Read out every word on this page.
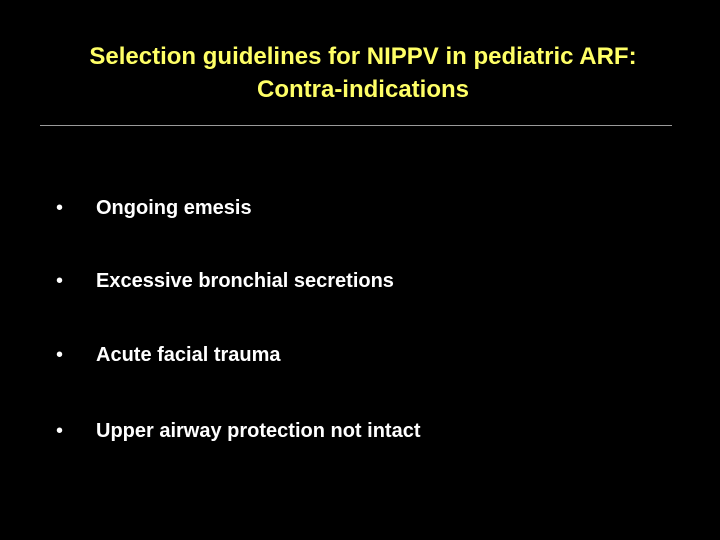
Selection guidelines for NIPPV in pediatric ARF:
Contra-indications
• Ongoing emesis
• Excessive bronchial secretions
• Acute facial trauma
• Upper airway protection not intact
